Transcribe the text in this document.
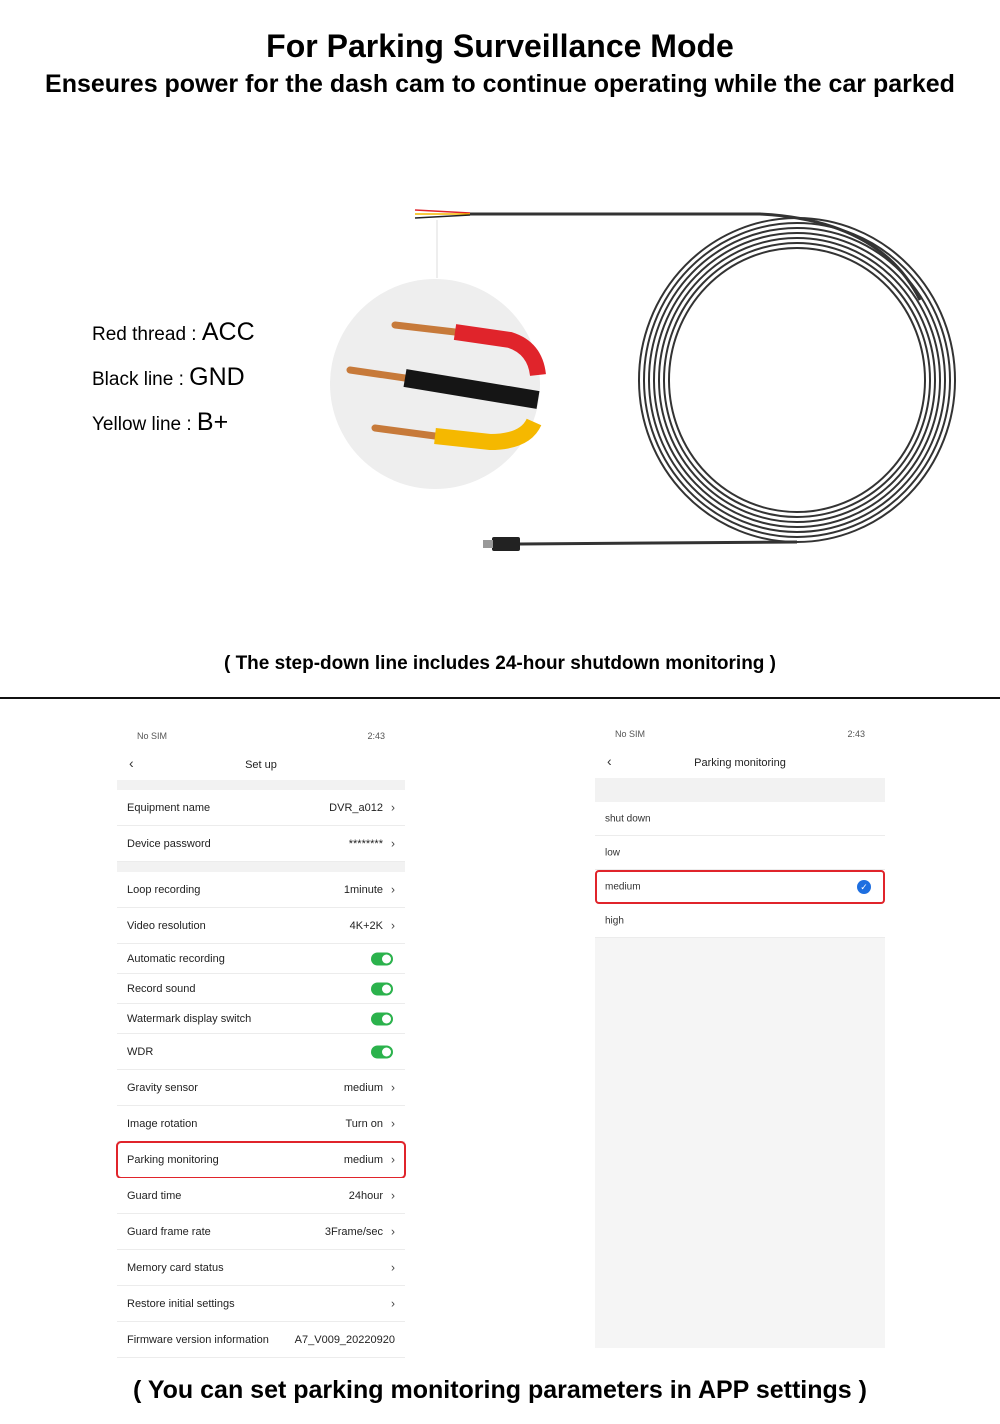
For Parking Surveillance Mode
Enseures power for the dash cam to continue operating while the car parked
Red thread : ACC
Black line : GND
Yellow line : B+
( The step-down line includes 24-hour shutdown monitoring )
No SIM	2:43
‹	Set up
Equipment name	DVR_a012 ›
Device password	******** ›
Loop recording	1minute ›
Video resolution	4K+2K ›
Automatic recording
Record sound
Watermark display switch
WDR
Gravity sensor	medium ›
Image rotation	Turn on ›
Parking monitoring	medium ›
Guard time	24hour ›
Guard frame rate	3Frame/sec ›
Memory card status	›
Restore initial settings	›
Firmware version information A7_V009_20220920
No SIM	2:43
‹	Parking monitoring
shut down
low
medium	✓
high
( You can set parking monitoring parameters in APP settings )
